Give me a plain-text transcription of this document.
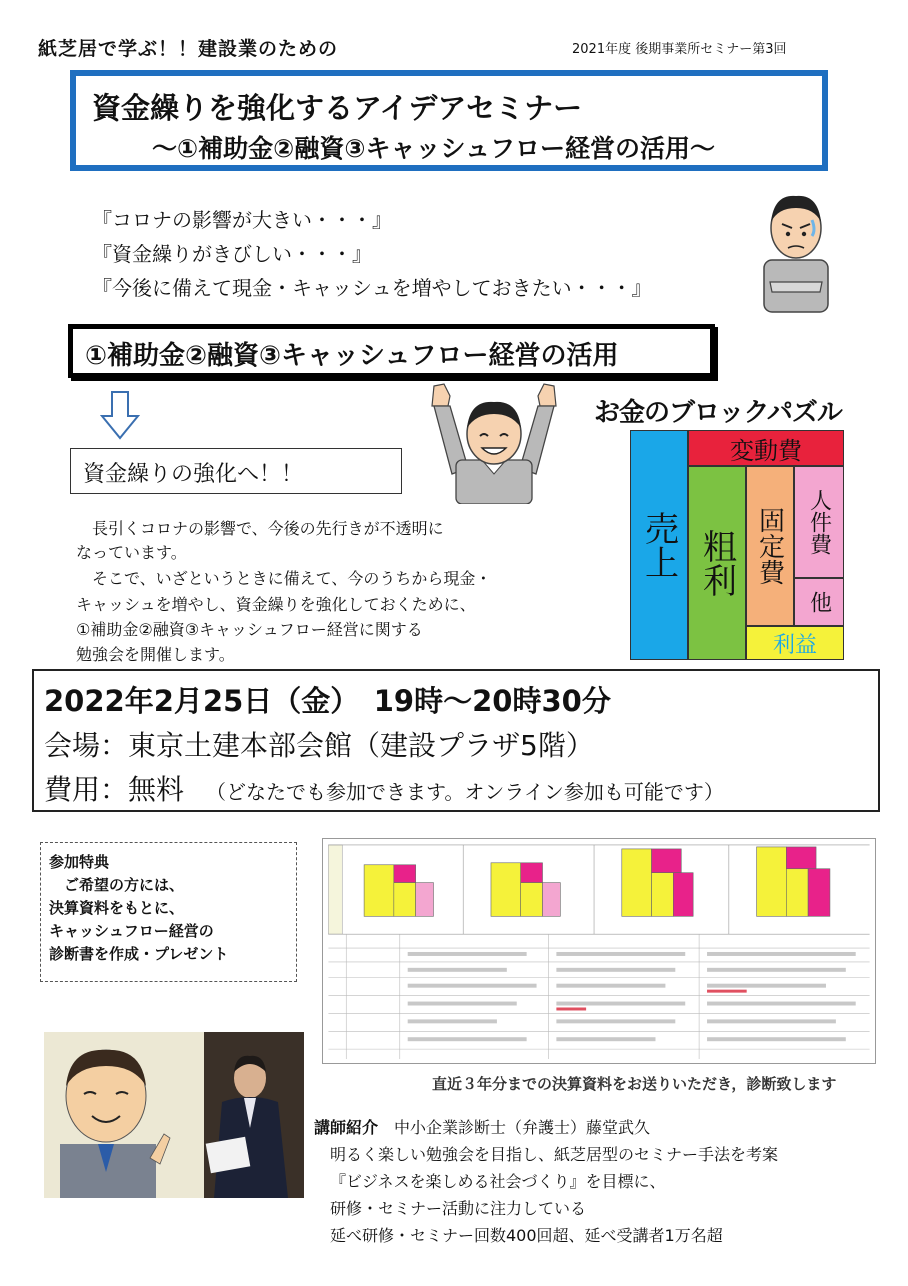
紙芝居で学ぶ！！建設業のための	2021年度 後期事業所セミナー第3回
資金繰りを強化するアイデアセミナー
～①補助金②融資③キャッシュフロー経営の活用～
『コロナの影響が大きい・・・』
『資金繰りがきびしい・・・』
『今後に備えて現金・キャッシュを増やしておきたい・・・』
①補助金②融資③キャッシュフロー経営の活用
資金繰りの強化へ！！
　長引くコロナの影響で、今後の先行きが不透明に
なっています。
　そこで、いざというときに備えて、今のうちから現金・
キャッシュを増やし、資金繰りを強化しておくために、
①補助金②融資③キャッシュフロー経営に関する
勉強会を開催します。
お金のブロックパズル
売上
変動費
粗利 固定費	人件費
他
利益
2022年2月25日（金）　19時～20時30分
会場：東京土建本部会館（建設プラザ5階）
費用：無料 （どなたでも参加できます。オンライン参加も可能です）
参加特典
　ご希望の方には、
決算資料をもとに、
キャッシュフロー経営の
診断書を作成・プレゼント
直近３年分までの決算資料をお送りいただき，診断致します
講師紹介　 中小企業診断士（弁護士）藤堂武久
明るく楽しい勉強会を目指し、紙芝居型のセミナー手法を考案
『ビジネスを楽しめる社会づくり』を目標に、
研修・セミナー活動に注力している
延べ研修・セミナー回数400回超、延べ受講者1万名超
